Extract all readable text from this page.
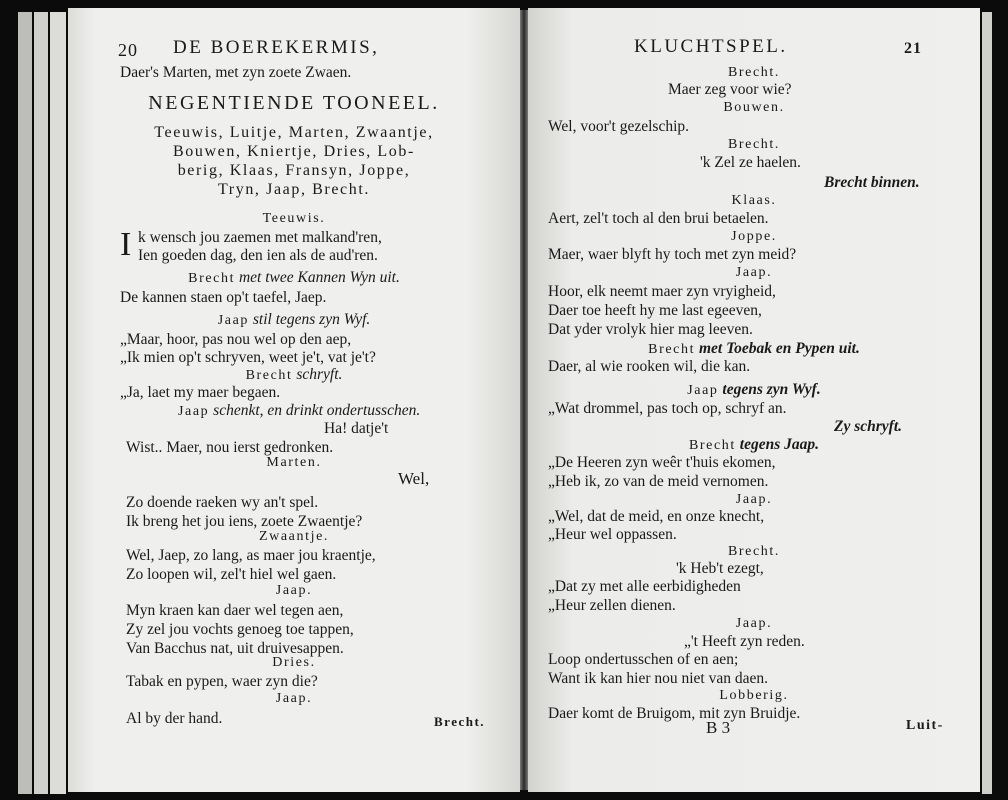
20 DE BOEREKERMIS,
Daer's Marten, met zyn zoete Zwaen.
NEGENTIENDE TOONEEL.
Teeuwis, Luitje, Marten, Zwaantje,
Bouwen, Kniertje, Dries, Lob-
berig, Klaas, Fransyn, Joppe,
Tryn, Jaap, Brecht.
Teeuwis.
I k wensch jou zaemen met malkand'ren,
Ien goeden dag, den ien als de aud'ren.
Brecht met twee Kannen Wyn uit.
De kannen staen op't taefel, Jaep.
Jaap stil tegens zyn Wyf.
„Maar, hoor, pas nou wel op den aep,
„Ik mien op't schryven, weet je't, vat je't?
Brecht schryft.
„Ja, laet my maer begaen.
Jaap schenkt, en drinkt ondertusschen.
Ha! datje't
Wist.. Maer, nou ierst gedronken.
Marten.
Wel,
Zo doende raeken wy an't spel.
Ik breng het jou iens, zoete Zwaentje?
Zwaantje.
Wel, Jaep, zo lang, as maer jou kraentje,
Zo loopen wil, zel't hiel wel gaen.
Jaap.
Myn kraen kan daer wel tegen aen,
Zy zel jou vochts genoeg toe tappen,
Van Bacchus nat, uit druivesappen.
Dries.
Tabak en pypen, waer zyn die?
Jaap.
Al by der hand.	Brecht.
KLUCHTSPEL.	21
Brecht.
Maer zeg voor wie?
Bouwen.
Wel, voor't gezelschip.
Brecht.
'k Zel ze haelen.
Brecht binnen.
Klaas.
Aert, zel't toch al den brui betaelen.
Joppe.
Maer, waer blyft hy toch met zyn meid?
Jaap.
Hoor, elk neemt maer zyn vryigheid,
Daer toe heeft hy me last egeeven,
Dat yder vrolyk hier mag leeven.
Brecht met Toebak en Pypen uit.
Daer, al wie rooken wil, die kan.
Jaap tegens zyn Wyf.
„Wat drommel, pas toch op, schryf an.
Zy schryft.
Brecht tegens Jaap.
„De Heeren zyn weêr t'huis ekomen,
„Heb ik, zo van de meid vernomen.
Jaap.
„Wel, dat de meid, en onze knecht,
„Heur wel oppassen.
Brecht.
'k Heb't ezegt,
„Dat zy met alle eerbidigheden
„Heur zellen dienen.
Jaap.
„'t Heeft zyn reden.
Loop ondertusschen of en aen;
Want ik kan hier nou niet van daen.
Lobberig.
Daer komt de Bruigom, mit zyn Bruidje.
B 3	Luit-
